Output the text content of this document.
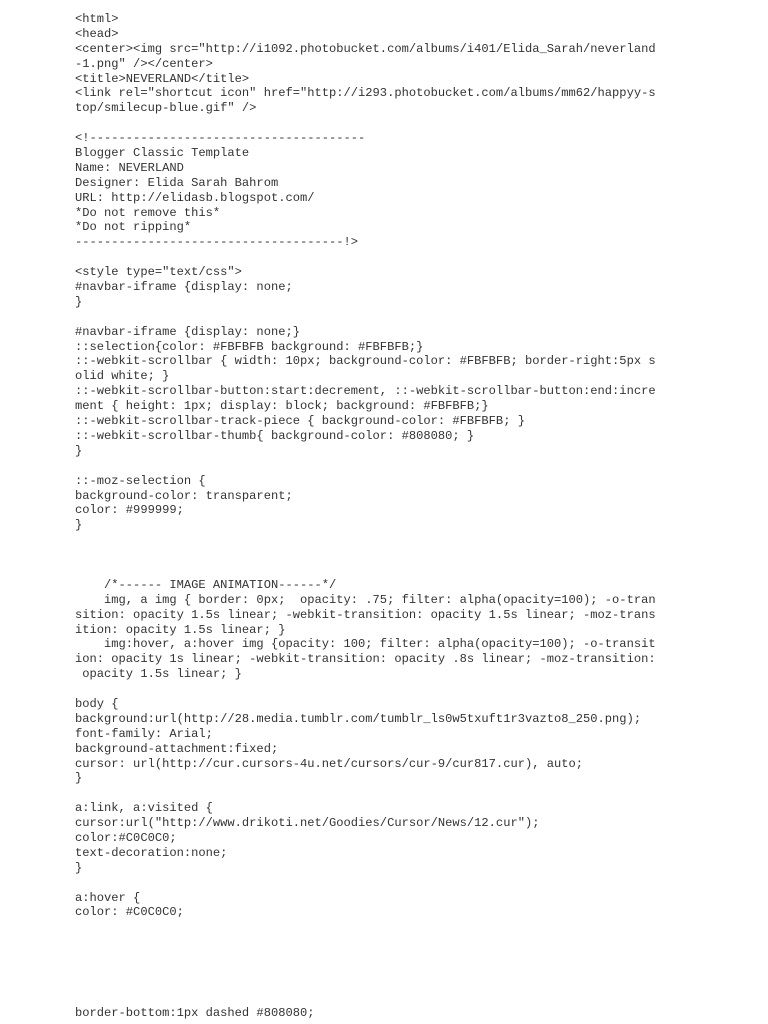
<html>
<head>
<center><img src="http://i1092.photobucket.com/albums/i401/Elida_Sarah/neverland
-1.png" /></center>
<title>NEVERLAND</title>
<link rel="shortcut icon" href="http://i293.photobucket.com/albums/mm62/happyy-s
top/smilecup-blue.gif" />
<!--------------------------------------
Blogger Classic Template
Name: NEVERLAND
Designer: Elida Sarah Bahrom
URL: http://elidasb.blogspot.com/
*Do not remove this*
*Do not ripping*
-------------------------------------!>
<style type="text/css">
#navbar-iframe {display: none;
}
#navbar-iframe {display: none;}
::selection{color: #FBFBFB background: #FBFBFB;}
::-webkit-scrollbar { width: 10px; background-color: #FBFBFB; border-right:5px s
olid white; }
::-webkit-scrollbar-button:start:decrement, ::-webkit-scrollbar-button:end:incre
ment { height: 1px; display: block; background: #FBFBFB;}
::-webkit-scrollbar-track-piece { background-color: #FBFBFB; }
::-webkit-scrollbar-thumb{ background-color: #808080; }
}
::-moz-selection {
background-color: transparent;
color: #999999;
}
/*------ IMAGE ANIMATION------*/
img, a img { border: 0px;  opacity: .75; filter: alpha(opacity=100); -o-tran
sition: opacity 1.5s linear; -webkit-transition: opacity 1.5s linear; -moz-trans
ition: opacity 1.5s linear; }
img:hover, a:hover img {opacity: 100; filter: alpha(opacity=100); -o-transit
ion: opacity 1s linear; -webkit-transition: opacity .8s linear; -moz-transition:
opacity 1.5s linear; }
body {
background:url(http://28.media.tumblr.com/tumblr_ls0w5txuft1r3vazto8_250.png);
font-family: Arial;
background-attachment:fixed;
cursor: url(http://cur.cursors-4u.net/cursors/cur-9/cur817.cur), auto;
}
a:link, a:visited {
cursor:url("http://www.drikoti.net/Goodies/Cursor/News/12.cur");
color:#C0C0C0;
text-decoration:none;
}
a:hover {
color: #C0C0C0;
border-bottom:1px dashed #808080;
